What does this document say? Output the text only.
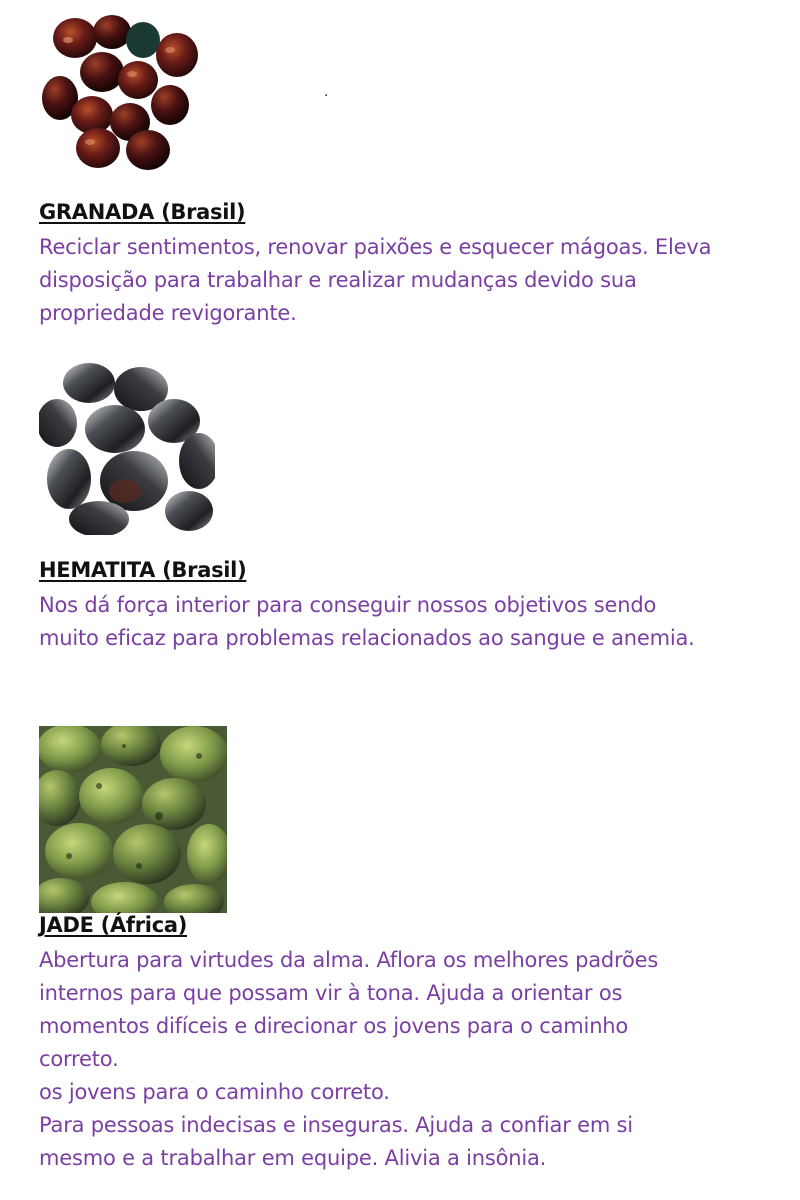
.
GRANADA (Brasil)
Reciclar sentimentos, renovar paixões e esquecer mágoas. Eleva
disposição para trabalhar e realizar mudanças devido sua
propriedade revigorante.
HEMATITA (Brasil)
Nos dá força interior para conseguir nossos objetivos sendo
muito eficaz para problemas relacionados ao sangue e anemia.
JADE (África)
Abertura para virtudes da alma. Aflora os melhores padrões
internos para que possam vir à tona. Ajuda a orientar os
momentos difíceis e direcionar os jovens para o caminho
correto.
os jovens para o caminho correto.
Para pessoas indecisas e inseguras. Ajuda a confiar em si
mesmo e a trabalhar em equipe. Alivia a insônia.
